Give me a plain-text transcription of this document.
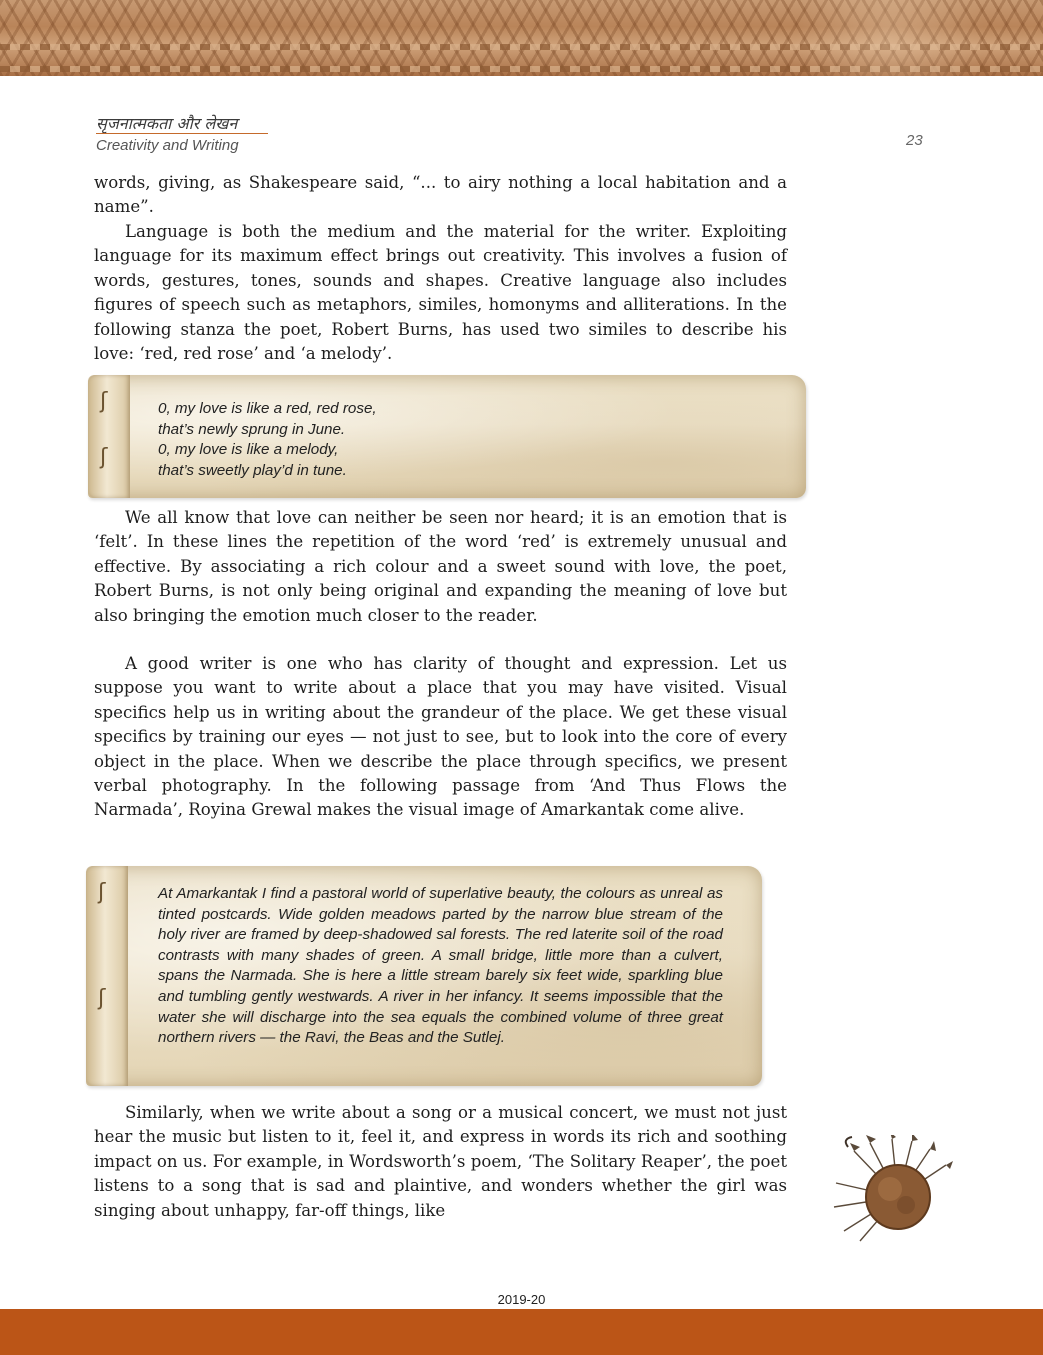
सृजनात्मकता और लेखन
Creativity and Writing	23

words, giving, as Shakespeare said, “... to airy nothing a local habitation and a name”.

Language is both the medium and the material for the writer. Exploiting language for its maximum effect brings out creativity. This involves a fusion of words, gestures, tones, sounds and shapes. Creative language also includes figures of speech such as metaphors, similes, homonyms and alliterations. In the following stanza the poet, Robert Burns, has used two similes to describe his love: ‘red, red rose’ and ‘a melody’.

ʃ
ʃ
0, my love is like a red, red rose,
that’s newly sprung in June.
0, my love is like a melody,
that’s sweetly play’d in tune.

We all know that love can neither be seen nor heard; it is an emotion that is ‘felt’. In these lines the repetition of the word ‘red’ is extremely unusual and effective. By associating a rich colour and a sweet sound with love, the poet, Robert Burns, is not only being original and expanding the meaning of love but also bringing the emotion much closer to the reader.

A good writer is one who has clarity of thought and expression. Let us suppose you want to write about a place that you may have visited. Visual specifics help us in writing about the grandeur of the place. We get these visual specifics by training our eyes — not just to see, but to look into the core of every object in the place. When we describe the place through specifics, we present verbal photography. In the following passage from ‘And Thus Flows the Narmada’, Royina Grewal makes the visual image of Amarkantak come alive.

ʃ
ʃ

At Amarkantak I find a pastoral world of superlative beauty, the colours as unreal as tinted postcards. Wide golden meadows parted by the narrow blue stream of the holy river are framed by deep-shadowed sal forests. The red laterite soil of the road contrasts with many shades of green. A small bridge, little more than a culvert, spans the Narmada. She is here a little stream barely six feet wide, sparkling blue and tumbling gently westwards. A river in her infancy. It seems impossible that the water she will discharge into the sea equals the combined volume of three great northern rivers — the Ravi, the Beas and the Sutlej.

Similarly, when we write about a song or a musical concert, we must not just hear the music but listen to it, feel it, and express in words its rich and soothing impact on us. For example, in Wordsworth’s poem, ‘The Solitary Reaper’, the poet listens to a song that is sad and plaintive, and wonders whether the girl was singing about unhappy, far-off things, like

2019-20
